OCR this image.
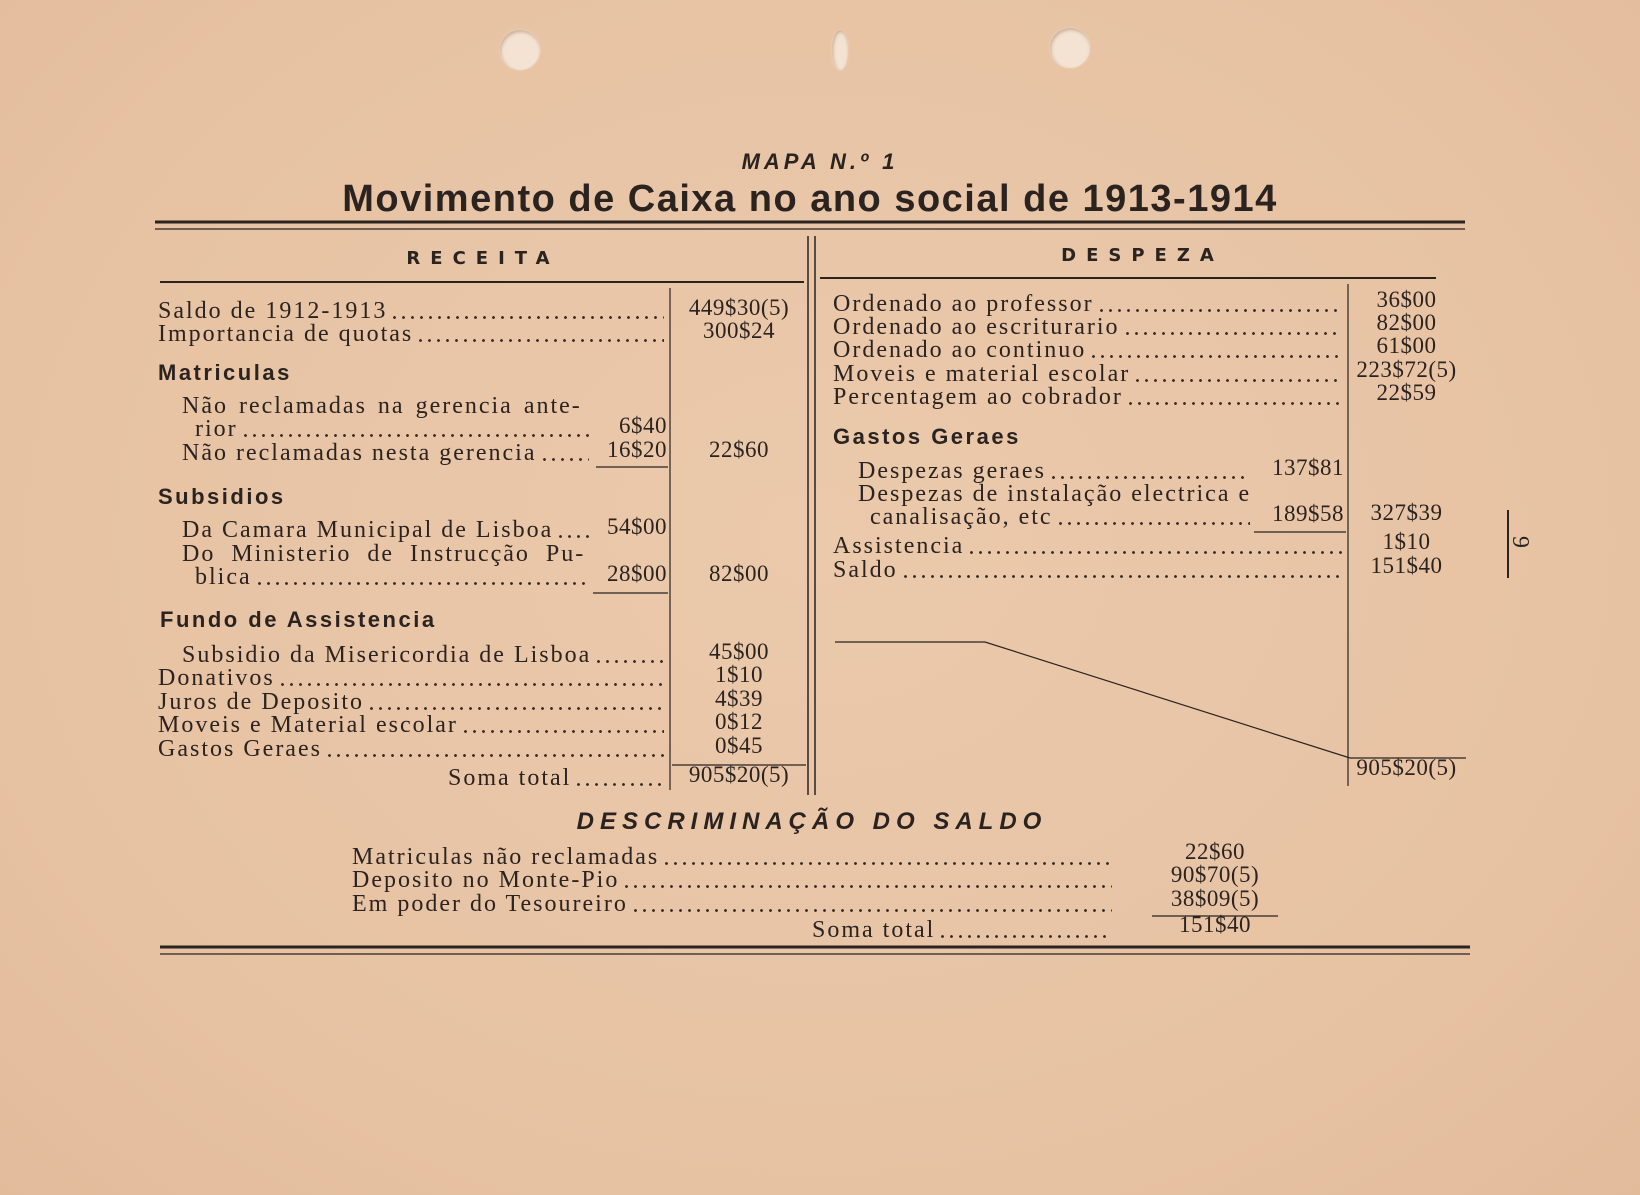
MAPA N.º 1
Movimento de Caixa no ano social de 1913-1914
RECEITA	DESPEZA
Saldo de 1912-1913	449$30(5)
Importancia de quotas	300$24
Matriculas
Não reclamadas na gerencia ante-
rior	6$40
Não reclamadas nesta gerencia	16$20	22$60
Subsidios
Da Camara Municipal de Lisboa	54$00
Do Ministerio de Instrucção Pu-
blica	28$00	82$00
Fundo de Assistencia
Subsidio da Misericordia de Lisboa	45$00
Donativos	1$10
Juros de Deposito	4$39
Moveis e Material escolar	0$12
Gastos Geraes	0$45
Soma total	905$20(5)
Ordenado ao professor	36$00
Ordenado ao escriturario	82$00
Ordenado ao continuo	61$00
Moveis e material escolar	223$72(5)
Percentagem ao cobrador	22$59
Gastos Geraes
Despezas geraes	137$81
Despezas de instalação electrica e
canalisação, etc	189$58	327$39
Assistencia	1$10
Saldo	151$40
905$20(5)
9
DESCRIMINAÇÃO DO SALDO
Matriculas não reclamadas	22$60
Deposito no Monte-Pio	90$70(5)
Em poder do Tesoureiro	38$09(5)
Soma total	151$40
